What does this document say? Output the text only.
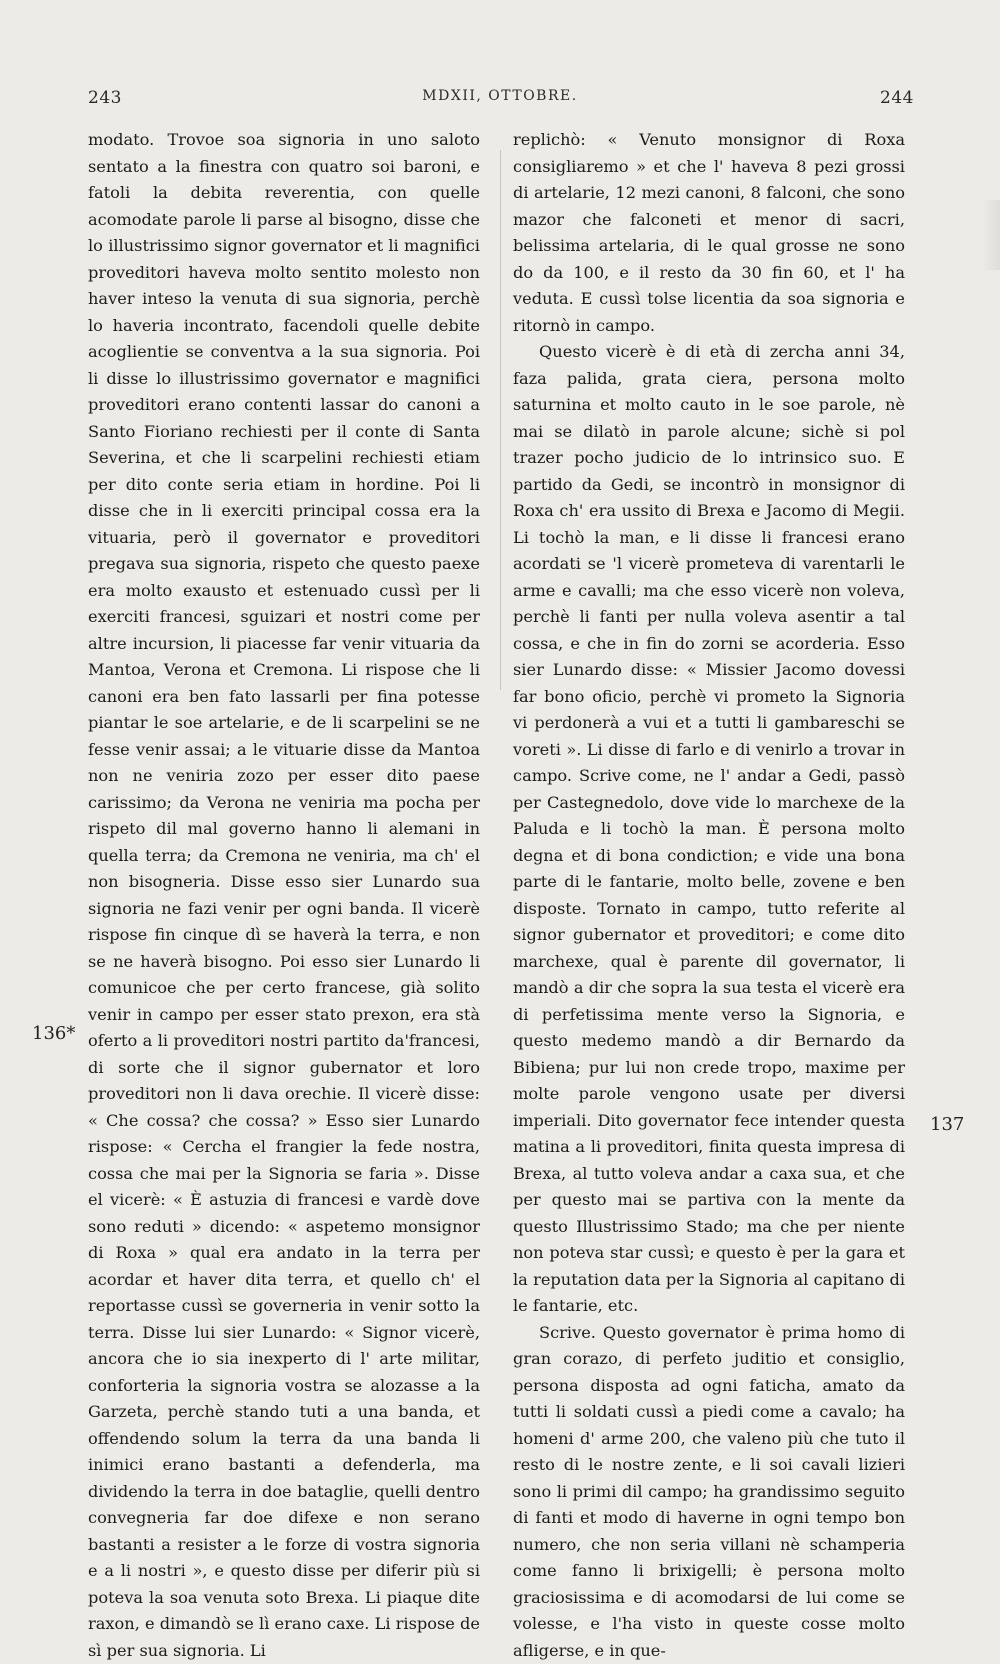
243	MDXII, OTTOBRE.	244
136*
137

modato. Trovoe soa signoria in uno saloto sentato a la finestra con quatro soi baroni, e fatoli la debita reverentia, con quelle acomodate parole li parse al bisogno, disse che lo illustrissimo signor governator et li magnifici proveditori haveva molto sentito molesto non haver inteso la venuta di sua signoria, perchè lo haveria incontrato, facendoli quelle debite acoglientie se conventva a la sua signoria. Poi li disse lo illustrissimo governator e magnifici proveditori erano contenti lassar do canoni a Santo Fioriano rechiesti per il conte di Santa Severina, et che li scarpelini rechiesti etiam per dito conte seria etiam in hordine. Poi li disse che in li exerciti principal cossa era la vituaria, però il governator e proveditori pregava sua signoria, rispeto che questo paexe era molto exausto et estenuado cussì per li exerciti francesi, sguizari et nostri come per altre incursion, li piacesse far venir vituaria da Mantoa, Verona et Cremona. Li rispose che li canoni era ben fato lassarli per fina potesse piantar le soe artelarie, e de li scarpelini se ne fesse venir assai; a le vituarie disse da Mantoa non ne veniria zozo per esser dito paese carissimo; da Verona ne veniria ma pocha per rispeto dil mal governo hanno li alemani in quella terra; da Cremona ne veniria, ma ch' el non bisogneria. Disse esso sier Lunardo sua signoria ne fazi venir per ogni banda. Il vicerè rispose fin cinque dì se haverà la terra, e non se ne haverà bisogno. Poi esso sier Lunardo li comunicoe che per certo francese, già solito venir in campo per esser stato prexon, era stà oferto a li proveditori nostri partito da'francesi, di sorte che il signor gubernator et loro proveditori non li dava orechie. Il vicerè disse: « Che cossa? che cossa? » Esso sier Lunardo rispose: « Cercha el frangier la fede nostra, cossa che mai per la Signoria se faria ». Disse el vicerè: « È astuzia di francesi e vardè dove sono reduti » dicendo: « aspetemo monsignor di Roxa » qual era andato in la terra per acordar et haver dita terra, et quello ch' el reportasse cussì se governeria in venir sotto la terra. Disse lui sier Lunardo: « Signor vicerè, ancora che io sia inexperto di l' arte militar, conforteria la signoria vostra se alozasse a la Garzeta, perchè stando tuti a una banda, et offendendo solum la terra da una banda li inimici erano bastanti a defenderla, ma dividendo la terra in doe bataglie, quelli dentro convegneria far doe difexe e non serano bastanti a resister a le forze di vostra signoria e a li nostri », e questo disse per diferir più si poteva la soa venuta soto Brexa. Li piaque dite raxon, e dimandò se lì erano caxe. Li rispose de sì per sua signoria. Li

replichò: « Venuto monsignor di Roxa consigliaremo » et che l' haveva 8 pezi grossi di artelarie, 12 mezi canoni, 8 falconi, che sono mazor che falconeti et menor di sacri, belissima artelaria, di le qual grosse ne sono do da 100, e il resto da 30 fin 60, et l' ha veduta. E cussì tolse licentia da soa signoria e ritornò in campo.

Questo vicerè è di età di zercha anni 34, faza palida, grata ciera, persona molto saturnina et molto cauto in le soe parole, nè mai se dilatò in parole alcune; sichè si pol trazer pocho judicio de lo intrinsico suo. E partido da Gedi, se incontrò in monsignor di Roxa ch' era ussito di Brexa e Jacomo di Megii. Li tochò la man, e li disse li francesi erano acordati se 'l vicerè prometeva di varentarli le arme e cavalli; ma che esso vicerè non voleva, perchè li fanti per nulla voleva asentir a tal cossa, e che in fin do zorni se acorderia. Esso sier Lunardo disse: « Missier Jacomo dovessi far bono oficio, perchè vi prometo la Signoria vi perdonerà a vui et a tutti li gambareschi se voreti ». Li disse di farlo e di venirlo a trovar in campo. Scrive come, ne l' andar a Gedi, passò per Castegnedolo, dove vide lo marchexe de la Paluda e li tochò la man. È persona molto degna et di bona condiction; e vide una bona parte di le fantarie, molto belle, zovene e ben disposte. Tornato in campo, tutto referite al signor gubernator et proveditori; e come dito marchexe, qual è parente dil governator, li mandò a dir che sopra la sua testa el vicerè era di perfetissima mente verso la Signoria, e questo medemo mandò a dir Bernardo da Bibiena; pur lui non crede tropo, maxime per molte parole vengono usate per diversi imperiali. Dito governator fece intender questa matina a li proveditori, finita questa impresa di Brexa, al tutto voleva andar a caxa sua, et che per questo mai se partiva con la mente da questo Illustrissimo Stado; ma che per niente non poteva star cussì; e questo è per la gara et la reputation data per la Signoria al capitano di le fantarie, etc.

Scrive. Questo governator è prima homo di gran corazo, di perfeto juditio et consiglio, persona disposta ad ogni faticha, amato da tutti li soldati cussì a piedi come a cavalo; ha homeni d' arme 200, che valeno più che tuto il resto di le nostre zente, e li soi cavali lizieri sono li primi dil campo; ha grandissimo seguito di fanti et modo di haverne in ogni tempo bon numero, che non seria villani nè schamperia come fanno li brixigelli; è persona molto graciosissima e di acomodarsi de lui come se volesse, e l'ha visto in queste cosse molto afligerse, e in que-
